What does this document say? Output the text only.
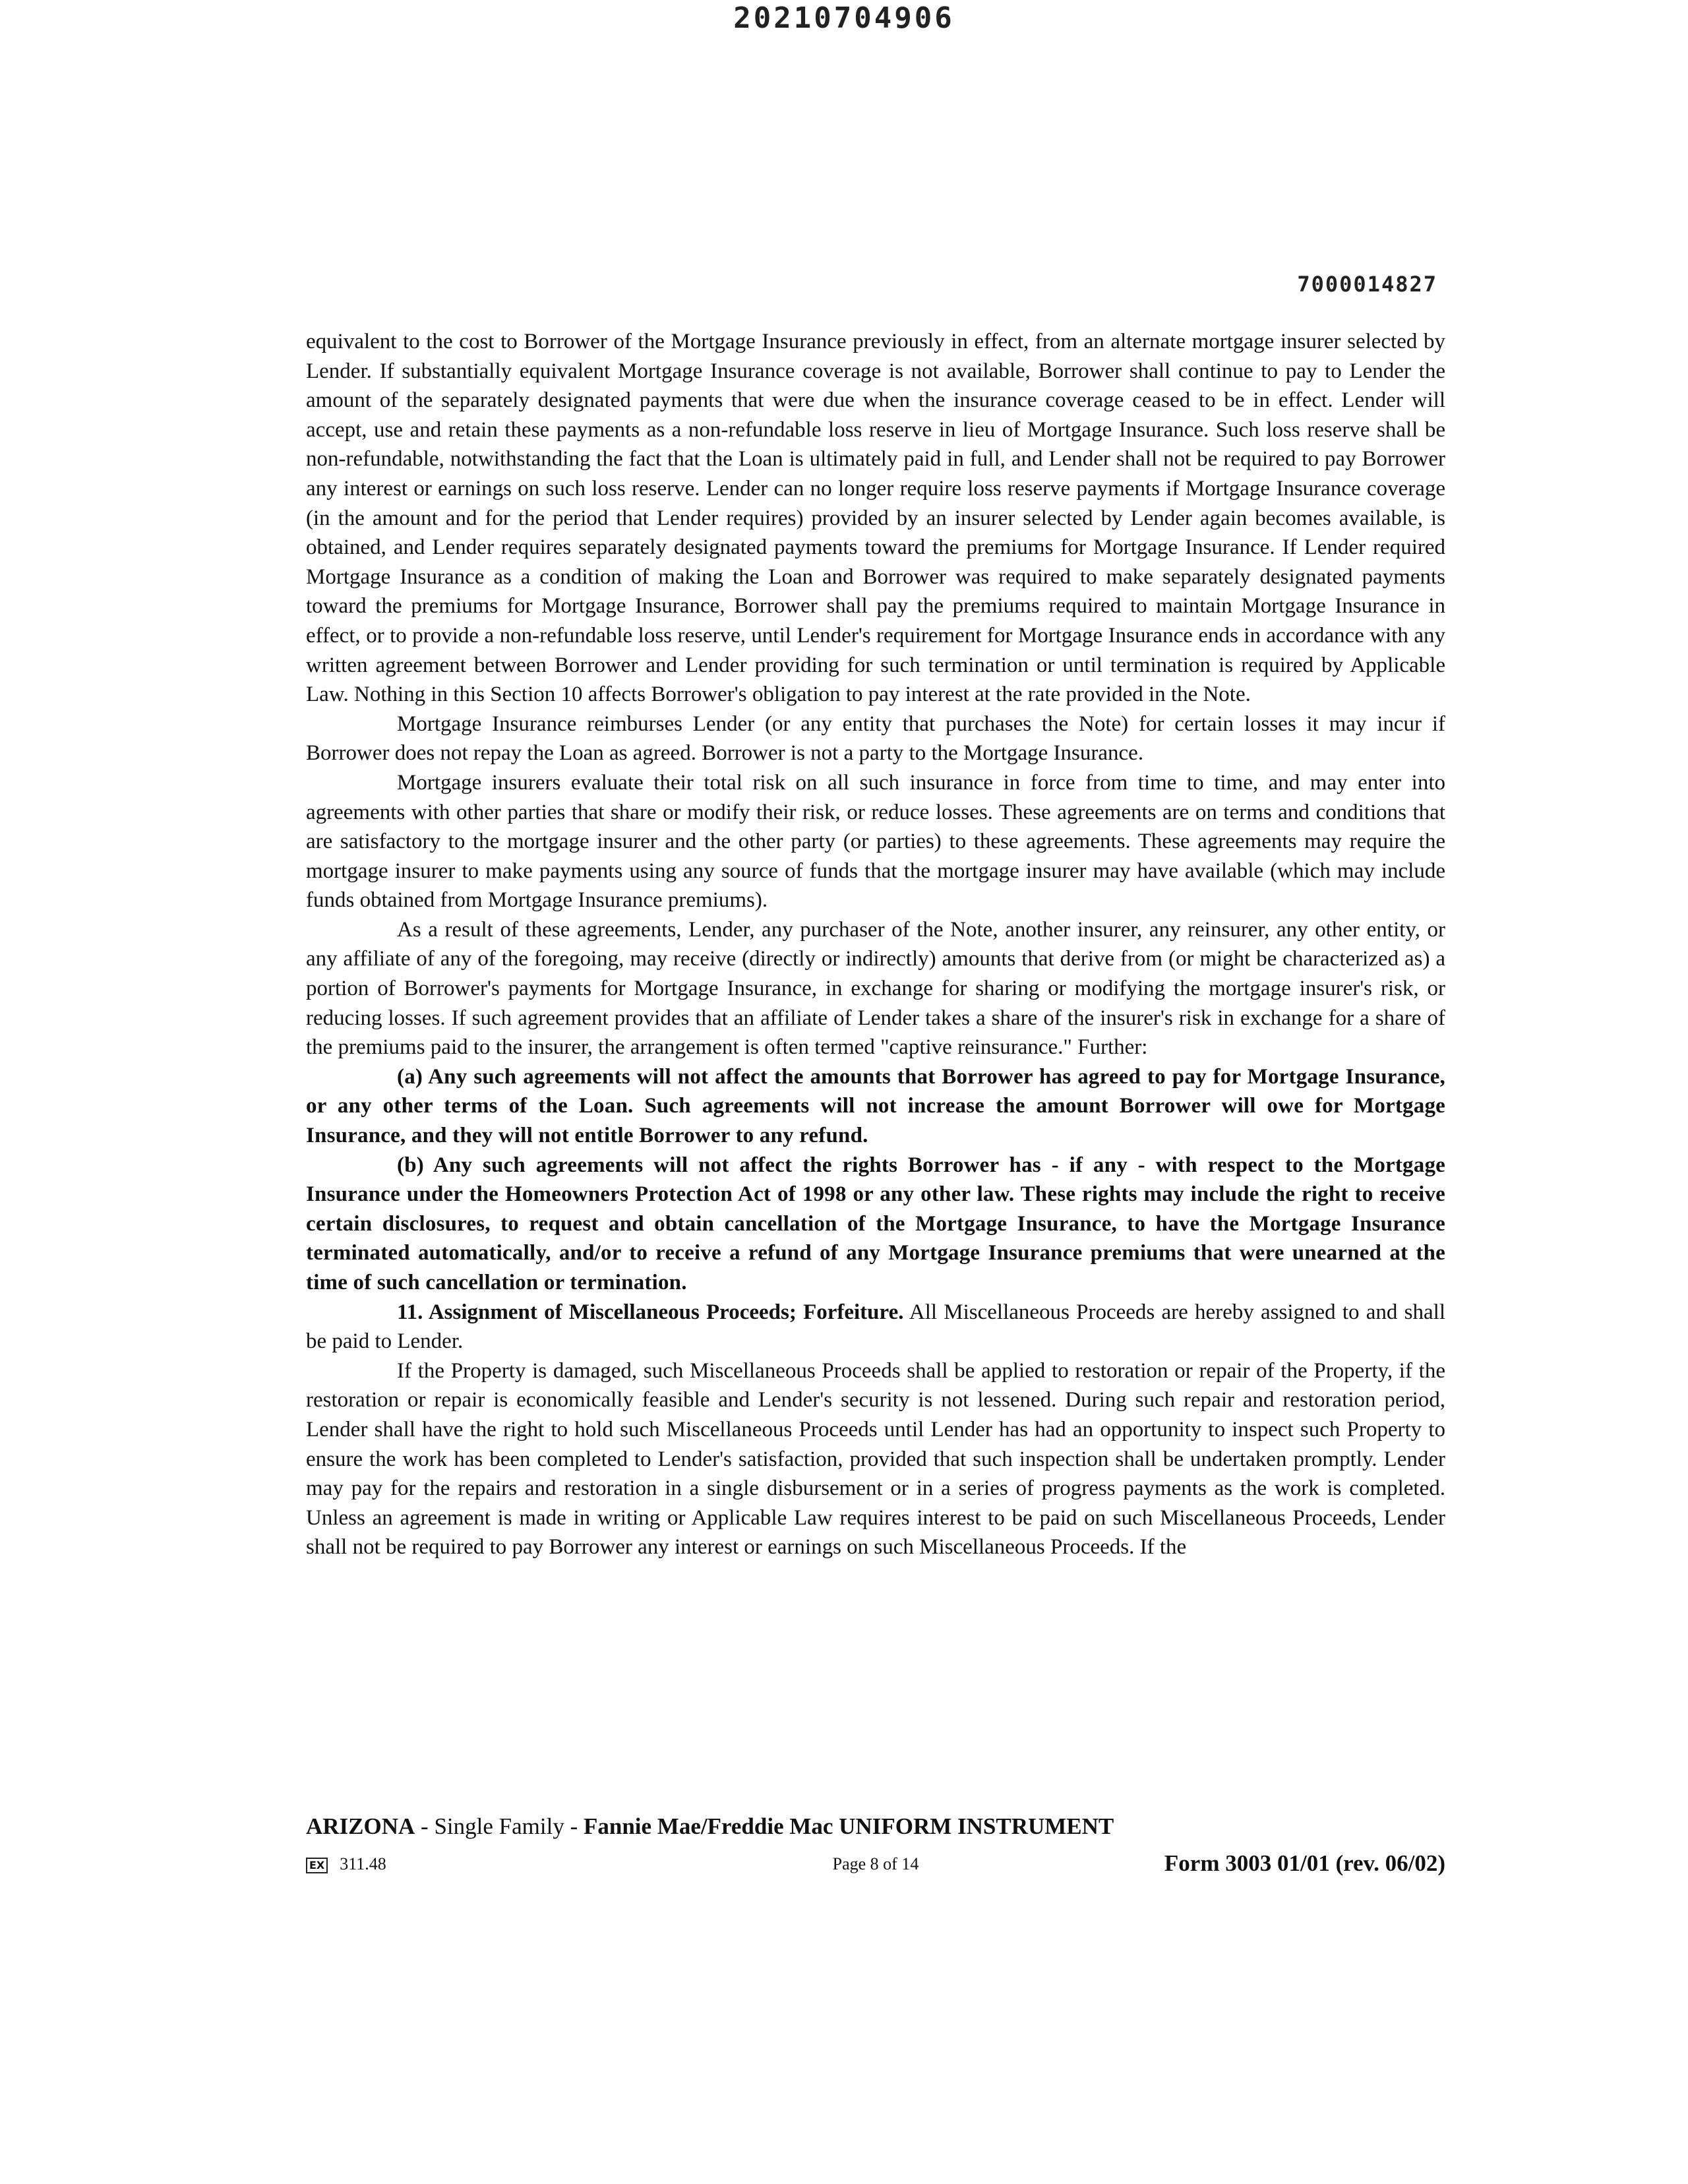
20210704906
7000014827

equivalent to the cost to Borrower of the Mortgage Insurance previously in effect, from an alternate mortgage insurer selected by Lender. If substantially equivalent Mortgage Insurance coverage is not available, Borrower shall continue to pay to Lender the amount of the separately designated payments that were due when the insurance coverage ceased to be in effect. Lender will accept, use and retain these payments as a non-refundable loss reserve in lieu of Mortgage Insurance. Such loss reserve shall be non-refundable, notwithstanding the fact that the Loan is ultimately paid in full, and Lender shall not be required to pay Borrower any interest or earnings on such loss reserve. Lender can no longer require loss reserve payments if Mortgage Insurance coverage (in the amount and for the period that Lender requires) provided by an insurer selected by Lender again becomes available, is obtained, and Lender requires separately designated payments toward the premiums for Mortgage Insurance. If Lender required Mortgage Insurance as a condition of making the Loan and Borrower was required to make separately designated payments toward the premiums for Mortgage Insurance, Borrower shall pay the premiums required to maintain Mortgage Insurance in effect, or to provide a non-refundable loss reserve, until Lender's requirement for Mortgage Insurance ends in accordance with any written agreement between Borrower and Lender providing for such termination or until termination is required by Applicable Law. Nothing in this Section 10 affects Borrower's obligation to pay interest at the rate provided in the Note.

Mortgage Insurance reimburses Lender (or any entity that purchases the Note) for certain losses it may incur if Borrower does not repay the Loan as agreed. Borrower is not a party to the Mortgage Insurance.

Mortgage insurers evaluate their total risk on all such insurance in force from time to time, and may enter into agreements with other parties that share or modify their risk, or reduce losses. These agreements are on terms and conditions that are satisfactory to the mortgage insurer and the other party (or parties) to these agreements. These agreements may require the mortgage insurer to make payments using any source of funds that the mortgage insurer may have available (which may include funds obtained from Mortgage Insurance premiums).

As a result of these agreements, Lender, any purchaser of the Note, another insurer, any reinsurer, any other entity, or any affiliate of any of the foregoing, may receive (directly or indirectly) amounts that derive from (or might be characterized as) a portion of Borrower's payments for Mortgage Insurance, in exchange for sharing or modifying the mortgage insurer's risk, or reducing losses. If such agreement provides that an affiliate of Lender takes a share of the insurer's risk in exchange for a share of the premiums paid to the insurer, the arrangement is often termed "captive reinsurance." Further:

(a) Any such agreements will not affect the amounts that Borrower has agreed to pay for Mortgage Insurance, or any other terms of the Loan. Such agreements will not increase the amount Borrower will owe for Mortgage Insurance, and they will not entitle Borrower to any refund.

(b) Any such agreements will not affect the rights Borrower has - if any - with respect to the Mortgage Insurance under the Homeowners Protection Act of 1998 or any other law. These rights may include the right to receive certain disclosures, to request and obtain cancellation of the Mortgage Insurance, to have the Mortgage Insurance terminated automatically, and/or to receive a refund of any Mortgage Insurance premiums that were unearned at the time of such cancellation or termination.

11. Assignment of Miscellaneous Proceeds; Forfeiture. All Miscellaneous Proceeds are hereby assigned to and shall be paid to Lender.

If the Property is damaged, such Miscellaneous Proceeds shall be applied to restoration or repair of the Property, if the restoration or repair is economically feasible and Lender's security is not lessened. During such repair and restoration period, Lender shall have the right to hold such Miscellaneous Proceeds until Lender has had an opportunity to inspect such Property to ensure the work has been completed to Lender's satisfaction, provided that such inspection shall be undertaken promptly. Lender may pay for the repairs and restoration in a single disbursement or in a series of progress payments as the work is completed. Unless an agreement is made in writing or Applicable Law requires interest to be paid on such Miscellaneous Proceeds, Lender shall not be required to pay Borrower any interest or earnings on such Miscellaneous Proceeds. If the

ARIZONA - Single Family - Fannie Mae/Freddie Mac UNIFORM INSTRUMENT
EX 311.48	Page 8 of 14	Form 3003 01/01 (rev. 06/02)
